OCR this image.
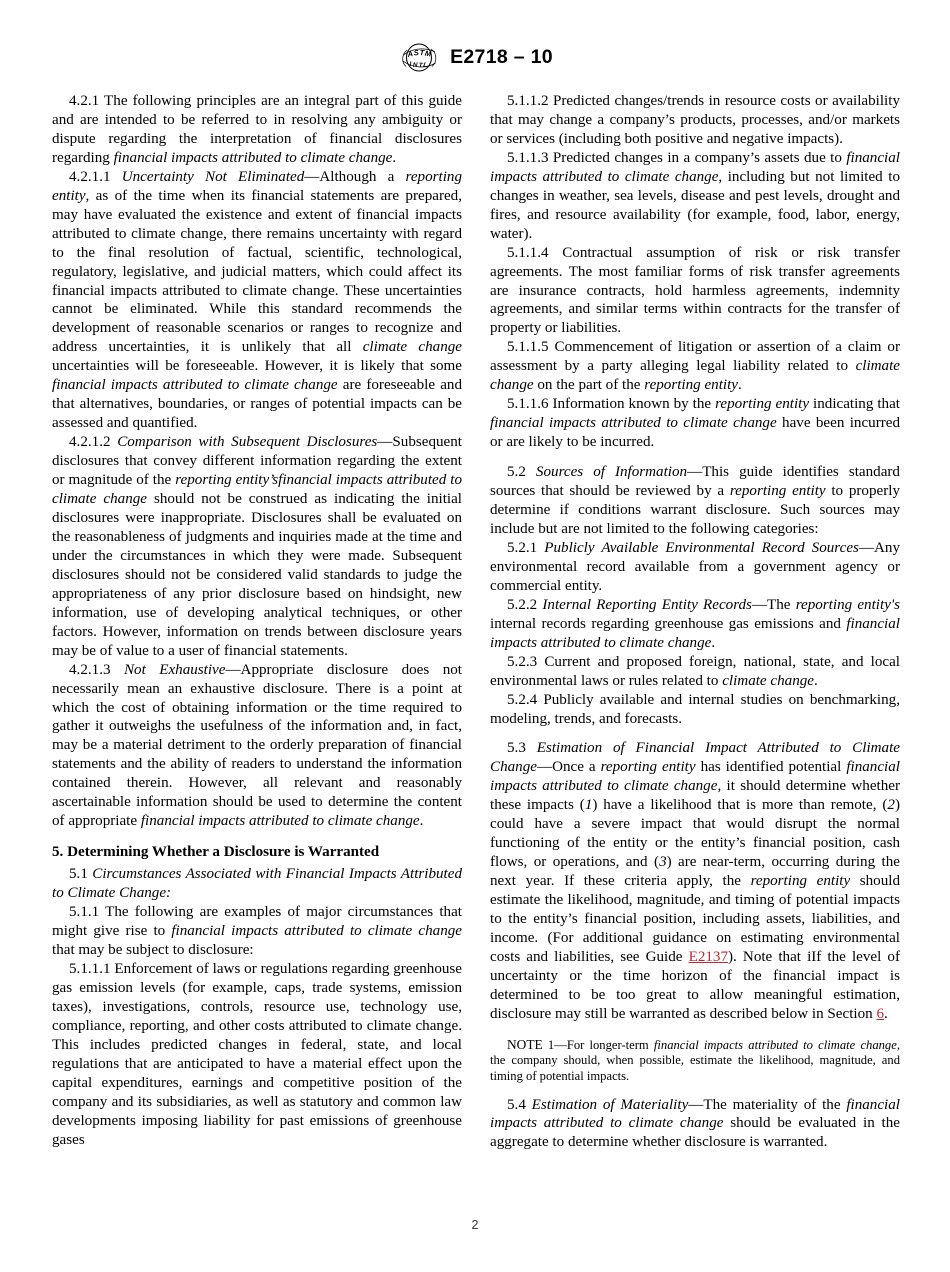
A S T M
I N T L E2718 – 10

4.2.1 The following principles are an integral part of this guide and are intended to be referred to in resolving any ambiguity or dispute regarding the interpretation of financial disclosures regarding financial impacts attributed to climate change.

4.2.1.1 Uncertainty Not Eliminated—Although a reporting entity, as of the time when its financial statements are prepared, may have evaluated the existence and extent of financial impacts attributed to climate change, there remains uncertainty with regard to the final resolution of factual, scientific, technological, regulatory, legislative, and judicial matters, which could affect its financial impacts attributed to climate change. These uncertainties cannot be eliminated. While this standard recommends the development of reasonable scenarios or ranges to recognize and address uncertainties, it is unlikely that all climate change uncertainties will be foreseeable. However, it is likely that some financial impacts attributed to climate change are foreseeable and that alternatives, boundaries, or ranges of potential impacts can be assessed and quantified.

4.2.1.2 Comparison with Subsequent Disclosures—Subsequent disclosures that convey different information regarding the extent or magnitude of the reporting entity’sfinancial impacts attributed to climate change should not be construed as indicating the initial disclosures were inappropriate. Disclosures shall be evaluated on the reasonableness of judgments and inquiries made at the time and under the circumstances in which they were made. Subsequent disclosures should not be considered valid standards to judge the appropriateness of any prior disclosure based on hindsight, new information, use of developing analytical techniques, or other factors. However, information on trends between disclosure years may be of value to a user of financial statements.

4.2.1.3 Not Exhaustive—Appropriate disclosure does not necessarily mean an exhaustive disclosure. There is a point at which the cost of obtaining information or the time required to gather it outweighs the usefulness of the information and, in fact, may be a material detriment to the orderly preparation of financial statements and the ability of readers to understand the information contained therein. However, all relevant and reasonably ascertainable information should be used to determine the content of appropriate financial impacts attributed to climate change.

5. Determining Whether a Disclosure is Warranted

5.1 Circumstances Associated with Financial Impacts Attributed to Climate Change:

5.1.1 The following are examples of major circumstances that might give rise to financial impacts attributed to climate change that may be subject to disclosure:

5.1.1.1 Enforcement of laws or regulations regarding greenhouse gas emission levels (for example, caps, trade systems, emission taxes), investigations, controls, resource use, technology use, compliance, reporting, and other costs attributed to climate change. This includes predicted changes in federal, state, and local regulations that are anticipated to have a material effect upon the capital expenditures, earnings and competitive position of the company and its subsidiaries, as well as statutory and common law developments imposing liability for past emissions of greenhouse gases

5.1.1.2 Predicted changes/trends in resource costs or availability that may change a company’s products, processes, and/or markets or services (including both positive and negative impacts).

5.1.1.3 Predicted changes in a company’s assets due to financial impacts attributed to climate change, including but not limited to changes in weather, sea levels, disease and pest levels, drought and fires, and resource availability (for example, food, labor, energy, water).

5.1.1.4 Contractual assumption of risk or risk transfer agreements. The most familiar forms of risk transfer agreements are insurance contracts, hold harmless agreements, indemnity agreements, and similar terms within contracts for the transfer of property or liabilities.

5.1.1.5 Commencement of litigation or assertion of a claim or assessment by a party alleging legal liability related to climate change on the part of the reporting entity.

5.1.1.6 Information known by the reporting entity indicating that financial impacts attributed to climate change have been incurred or are likely to be incurred.

5.2 Sources of Information—This guide identifies standard sources that should be reviewed by a reporting entity to properly determine if conditions warrant disclosure. Such sources may include but are not limited to the following categories:

5.2.1 Publicly Available Environmental Record Sources—Any environmental record available from a government agency or commercial entity.

5.2.2 Internal Reporting Entity Records—The reporting entity's internal records regarding greenhouse gas emissions and financial impacts attributed to climate change.

5.2.3 Current and proposed foreign, national, state, and local environmental laws or rules related to climate change.

5.2.4 Publicly available and internal studies on benchmarking, modeling, trends, and forecasts.

5.3 Estimation of Financial Impact Attributed to Climate Change—Once a reporting entity has identified potential financial impacts attributed to climate change, it should determine whether these impacts (1) have a likelihood that is more than remote, (2) could have a severe impact that would disrupt the normal functioning of the entity or the entity’s financial position, cash flows, or operations, and (3) are near-term, occurring during the next year. If these criteria apply, the reporting entity should estimate the likelihood, magnitude, and timing of potential impacts to the entity’s financial position, including assets, liabilities, and income. (For additional guidance on estimating environmental costs and liabilities, see Guide E2137). Note that iIf the level of uncertainty or the time horizon of the financial impact is determined to be too great to allow meaningful estimation, disclosure may still be warranted as described below in Section 6.

NOTE 1—For longer-term financial impacts attributed to climate change, the company should, when possible, estimate the likelihood, magnitude, and timing of potential impacts.

5.4 Estimation of Materiality—The materiality of the financial impacts attributed to climate change should be evaluated in the aggregate to determine whether disclosure is warranted.

2
